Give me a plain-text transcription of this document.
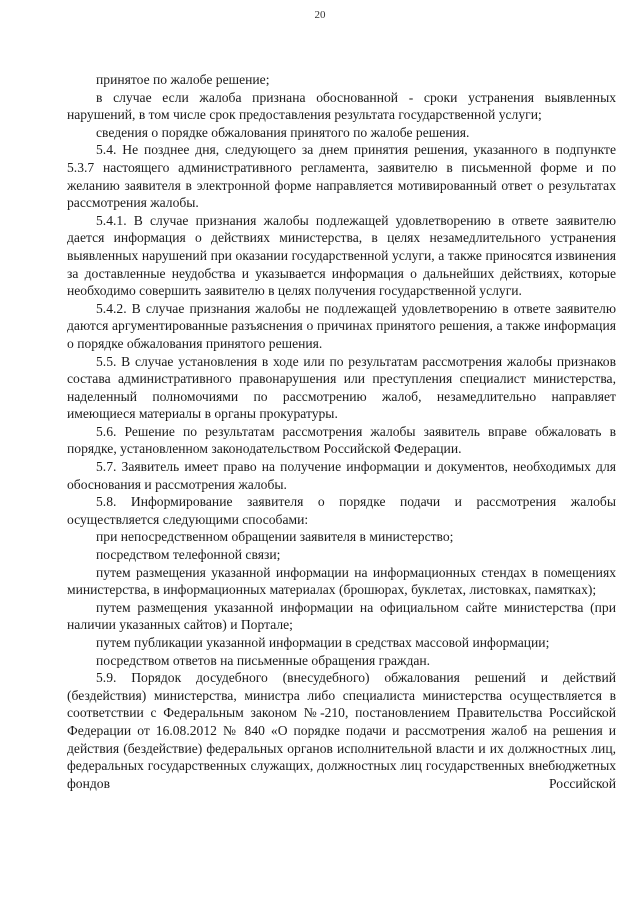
20

принятое по жалобе решение;

в случае если жалоба признана обоснованной - сроки устранения выявленных нарушений, в том числе срок предоставления результата государственной услуги;

сведения о порядке обжалования принятого по жалобе решения.

5.4. Не позднее дня, следующего за днем принятия решения, указанного в подпункте 5.3.7 настоящего административного регламента, заявителю в письменной форме и по желанию заявителя в электронной форме направляется мотивированный ответ о результатах рассмотрения жалобы.

5.4.1. В случае признания жалобы подлежащей удовлетворению в ответе заявителю дается информация о действиях министерства, в целях незамедлительного устранения выявленных нарушений при оказании государственной услуги, а также приносятся извинения за доставленные неудобства и указывается информация о дальнейших действиях, которые необходимо совершить заявителю в целях получения государственной услуги.

5.4.2. В случае признания жалобы не подлежащей удовлетворению в ответе заявителю даются аргументированные разъяснения о причинах принятого решения, а также информация о порядке обжалования принятого решения.

5.5. В случае установления в ходе или по результатам рассмотрения жалобы признаков состава административного правонарушения или преступления специалист министерства, наделенный полномочиями по рассмотрению жалоб, незамедлительно направляет имеющиеся материалы в органы прокуратуры.

5.6. Решение по результатам рассмотрения жалобы заявитель вправе обжаловать в порядке, установленном законодательством Российской Федерации.

5.7. Заявитель имеет право на получение информации и документов, необходимых для обоснования и рассмотрения жалобы.

5.8. Информирование заявителя о порядке подачи и рассмотрения жалобы осуществляется следующими способами:

при непосредственном обращении заявителя в министерство;

посредством телефонной связи;

путем размещения указанной информации на информационных стендах в помещениях министерства, в информационных материалах (брошюрах, буклетах, листовках, памятках);

путем размещения указанной информации на официальном сайте министерства (при наличии указанных сайтов) и Портале;

путем публикации указанной информации в средствах массовой информации;

посредством ответов на письменные обращения граждан.

5.9. Порядок досудебного (внесудебного) обжалования решений и действий (бездействия) министерства, министра либо специалиста министерства осуществляется в соответствии с Федеральным законом №-210, постановлением Правительства Российской Федерации от 16.08.2012 № 840 «О порядке подачи и рассмотрения жалоб на решения и действия (бездействие) федеральных органов исполнительной власти и их должностных лиц, федеральных государственных служащих, должностных лиц государственных внебюджетных фондов Российской
